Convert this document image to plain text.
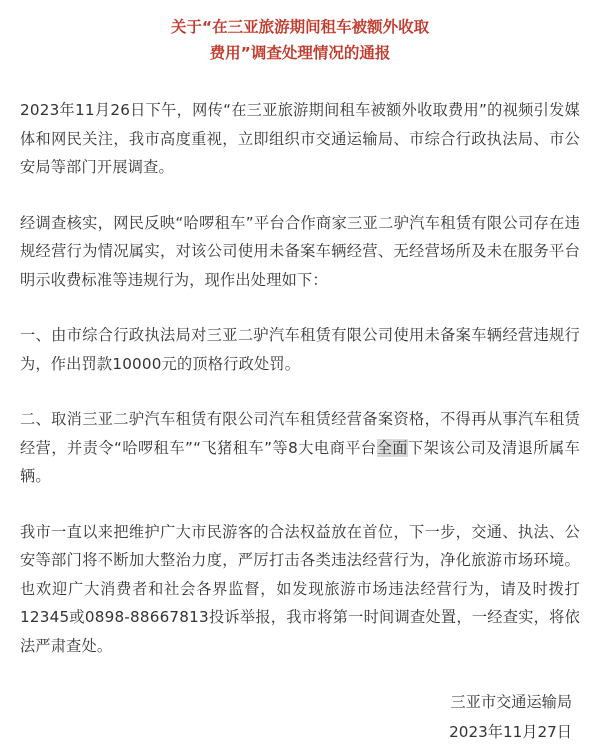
关于“在三亚旅游期间租车被额外收取
费用”调查处理情况的通报

2023年11月26日下午，网传“在三亚旅游期间租车被额外收取费用”的视频引发媒体和网民关注，我市高度重视，立即组织市交通运输局、市综合行政执法局、市公安局等部门开展调查。

经调查核实，网民反映“哈啰租车”平台合作商家三亚二驴汽车租赁有限公司存在违规经营行为情况属实，对该公司使用未备案车辆经营、无经营场所及未在服务平台明示收费标准等违规行为，现作出处理如下：

一、由市综合行政执法局对三亚二驴汽车租赁有限公司使用未备案车辆经营违规行为，作出罚款10000元的顶格行政处罚。

二、取消三亚二驴汽车租赁有限公司汽车租赁经营备案资格，不得再从事汽车租赁经营，并责令“哈啰租车”“飞猪租车”等8大电商平台全面下架该公司及清退所属车辆。

我市一直以来把维护广大市民游客的合法权益放在首位，下一步，交通、执法、公安等部门将不断加大整治力度，严厉打击各类违法经营行为，净化旅游市场环境。也欢迎广大消费者和社会各界监督，如发现旅游市场违法经营行为，请及时拨打12345或0898-88667813投诉举报，我市将第一时间调查处置，一经查实，将依法严肃查处。

三亚市交通运输局
2023年11月27日
